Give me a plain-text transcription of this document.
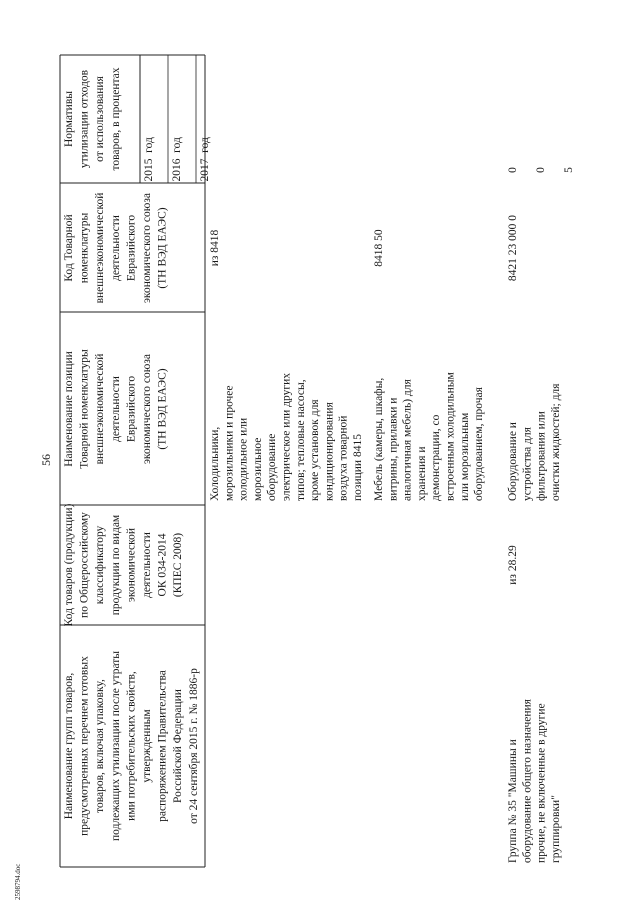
56
Наименование групп товаров, предусмотренных перечнем готовых товаров, включая упаковку, подлежащих утилизации после утраты ими потребительских свойств, утвержденным распоряжением Правительства Российской Федерации от 24 сентября 2015 г. № 1886-р
Код товаров (продукции) по Общероссийскому классификатору продукции по видам экономической деятельности ОК 034-2014 (КПЕС 2008)
Наименование позиции Товарной номенклатуры внешнеэкономической деятельности Евразийского экономического союза (ТН ВЭД ЕАЭС)
Код Товарной номенклатуры внешнеэкономической деятельности Евразийского экономического союза (ТН ВЭД ЕАЭС)
Нормативы утилизации отходов от использования товаров, в процентах 2015
год
2016
год
2017
год
Холодильники, морозильники и прочее холодильное или морозильное оборудование электрическое или других типов; тепловые насосы, кроме установок для кондиционирования воздуха товарной позиции 8415
из 8418
Мебель (камеры, шкафы, витрины, прилавки и аналогичная мебель) для хранения и демонстрации, со встроенным холодильным или морозильным оборудованием, прочая
8418 50
Группа № 35 "Машины и оборудование общего назначения прочие, не включенные в другие группировки"
из 28.29
Оборудование и устройства для фильтрования или очистки жидкостей; для
8421 23 000 0
0 0 5
2598794.doc
